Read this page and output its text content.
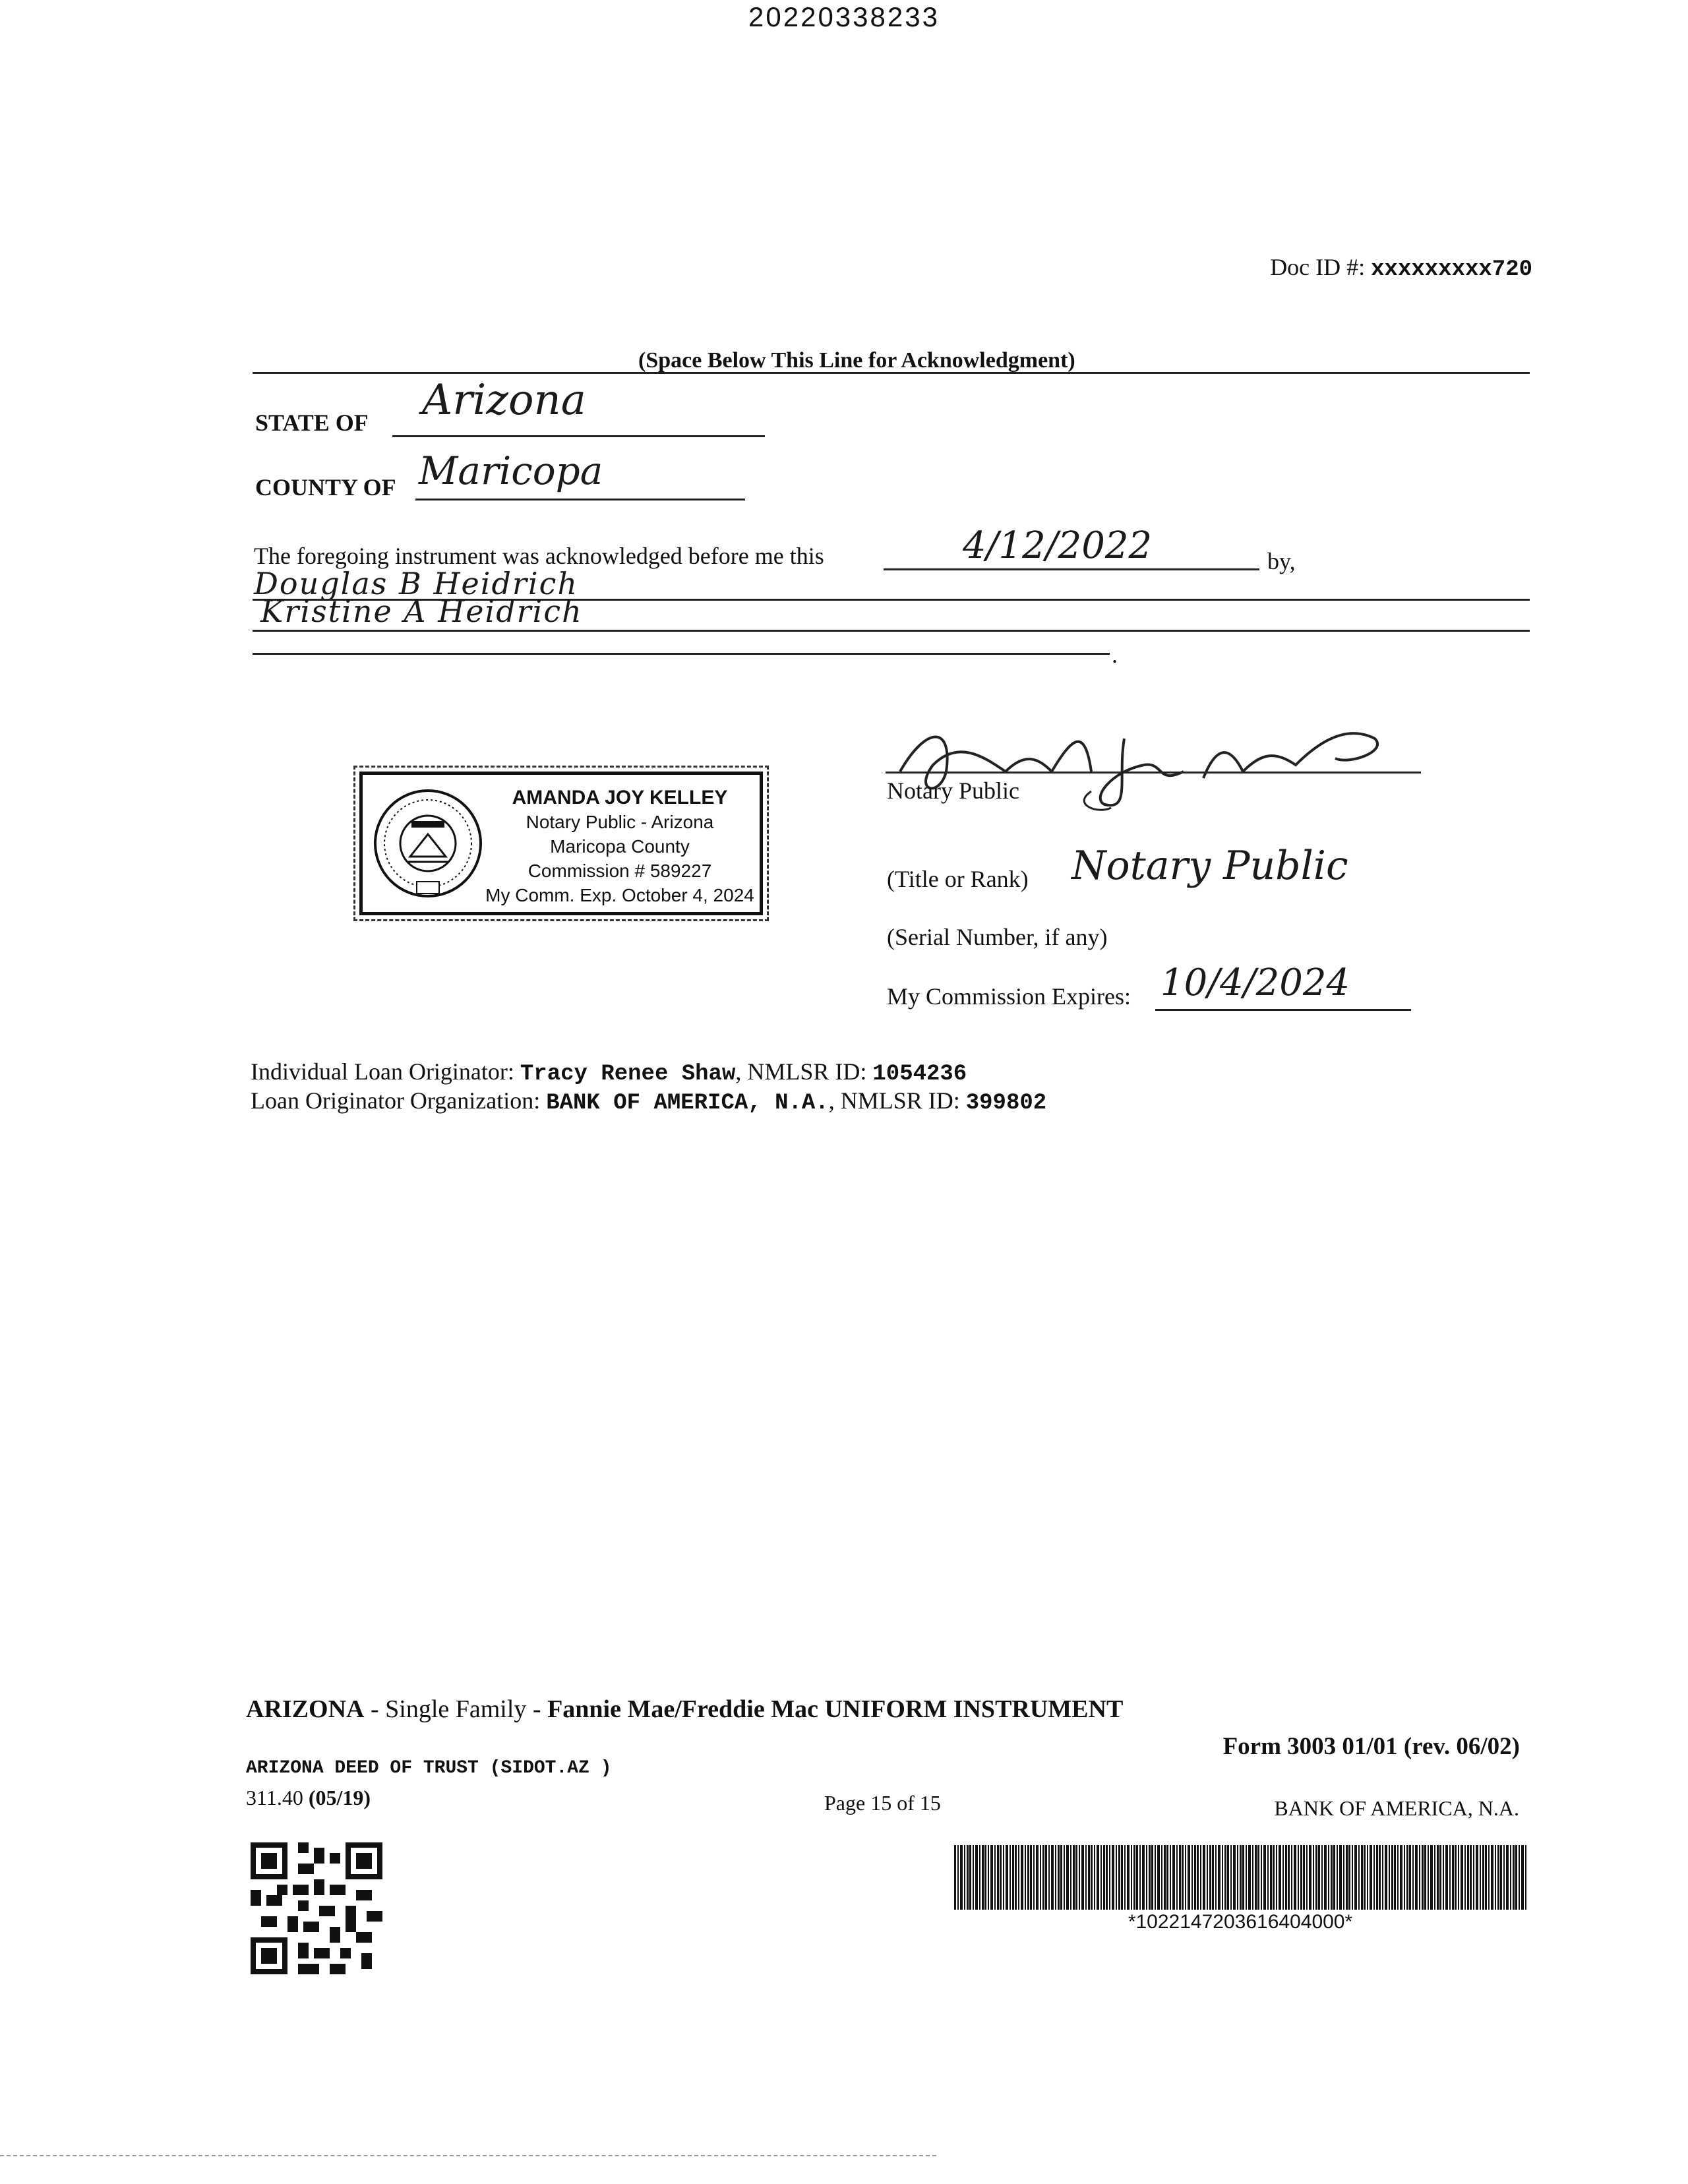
20220338233
Doc ID #: xxxxxxxxx720
(Space Below This Line for Acknowledgment)
STATE OF Arizona
COUNTY OF Maricopa
The foregoing instrument was acknowledged before me this	4/12/2022	by,
Douglas B Heidrich
Kristine A Heidrich
.
AMANDA JOY KELLEY
Notary Public - Arizona
Maricopa County
Commission # 589227
My Comm. Exp. October 4, 2024
Notary Public
(Title or Rank) Notary Public
(Serial Number, if any)
My Commission Expires: 10/4/2024
Individual Loan Originator: Tracy Renee Shaw, NMLSR ID: 1054236
Loan Originator Organization: BANK OF AMERICA, N.A., NMLSR ID: 399802
ARIZONA - Single Family - Fannie Mae/Freddie Mac UNIFORM INSTRUMENT
Form 3003 01/01 (rev. 06/02)
ARIZONA DEED OF TRUST (SIDOT.AZ )
311.40 (05/19)	Page 15 of 15	BANK OF AMERICA, N.A.
*1022147203616404000*
